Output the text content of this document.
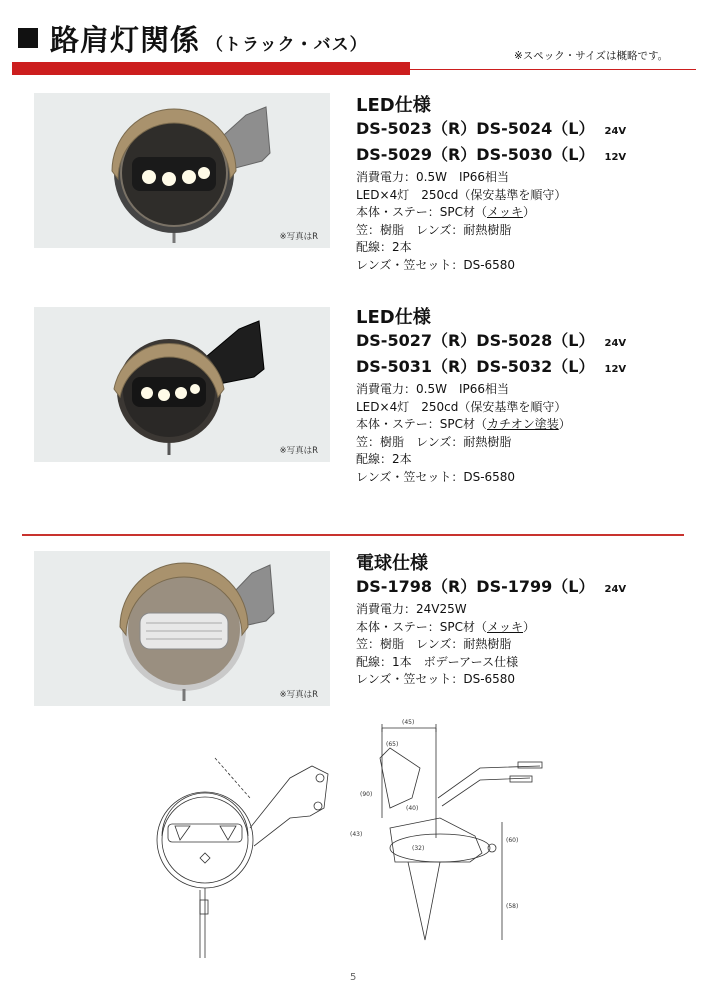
路肩灯関係 （トラック・バス）
※スペック・サイズは概略です。
※写真はR
LED仕様
DS-5023（R）DS-5024（L） 24V
DS-5029（R）DS-5030（L） 12V
消費電力：0.5W　IP66相当
LED×4灯　250cd（保安基準を順守）
本体・ステー：SPC材（メッキ）
笠：樹脂　レンズ：耐熱樹脂
配線：2本
レンズ・笠セット：DS-6580
※写真はR
LED仕様
DS-5027（R）DS-5028（L） 24V
DS-5031（R）DS-5032（L） 12V
消費電力：0.5W　IP66相当
LED×4灯　250cd（保安基準を順守）
本体・ステー：SPC材（カチオン塗装）
笠：樹脂　レンズ：耐熱樹脂
配線：2本
レンズ・笠セット：DS-6580
※写真はR
電球仕様
DS-1798（R）DS-1799（L） 24V
消費電力：24V25W
本体・ステー：SPC材（メッキ）
笠：樹脂　レンズ：耐熱樹脂
配線：1本　ボデーアース仕様
レンズ・笠セット：DS-6580
(45)
(65)
(90)
(58)
(60)
(43)
(32)
(40)
5
